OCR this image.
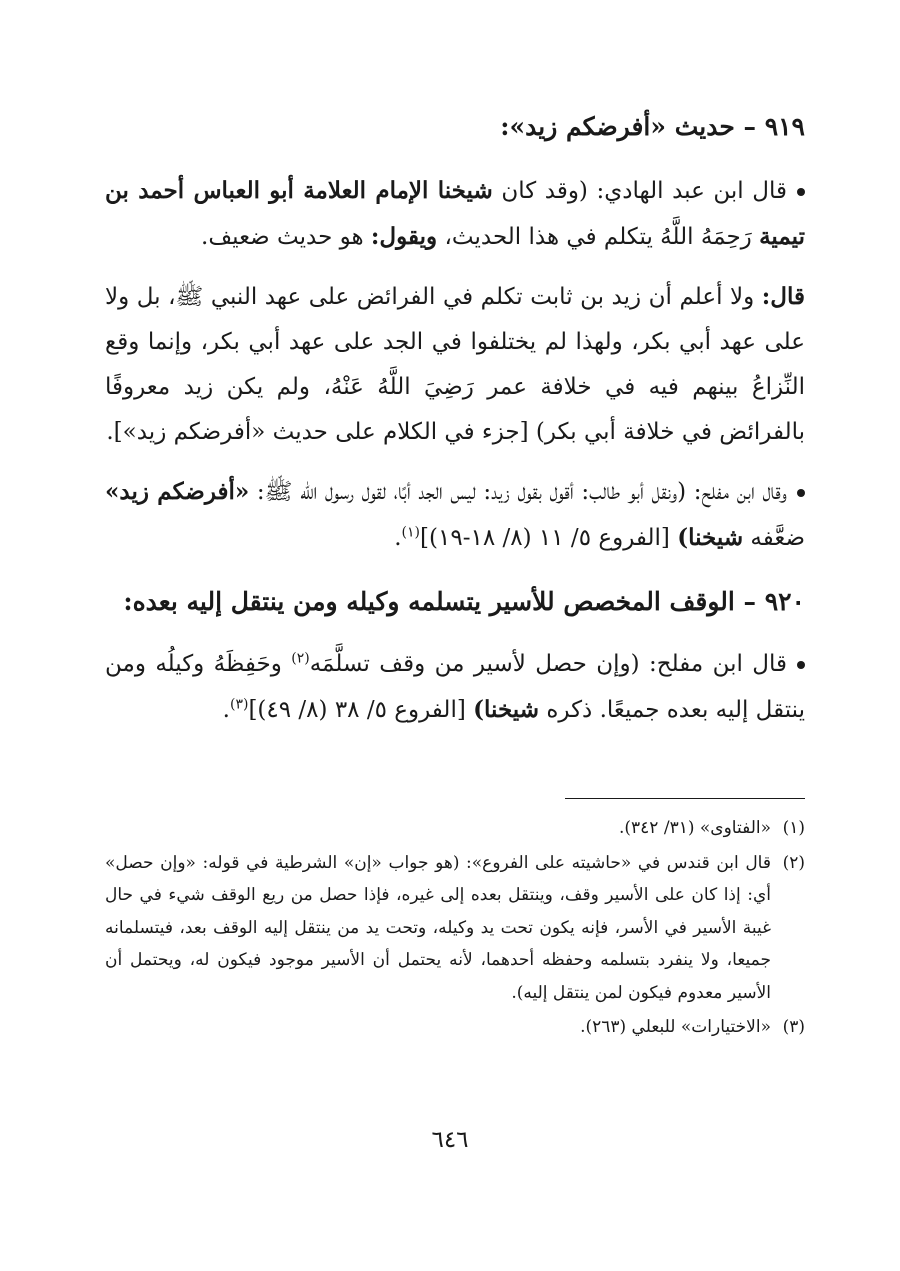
٩١٩ – حديث «أفرضكم زيد»:

قال ابن عبد الهادي: (وقد كان شيخنا الإمام العلامة أبو العباس أحمد بن تيمية رَحِمَهُ اللَّهُ يتكلم في هذا الحديث، ويقول: هو حديث ضعيف.

قال: ولا أعلم أن زيد بن ثابت تكلم في الفرائض على عهد النبي ﷺ، بل ولا على عهد أبي بكر، ولهذا لم يختلفوا في الجد على عهد أبي بكر، وإنما وقع النِّزاعُ بينهم فيه في خلافة عمر رَضِيَ اللَّهُ عَنْهُ، ولم يكن زيد معروفًا بالفرائض في خلافة أبي بكر) [جزء في الكلام على حديث «أفرضكم زيد»].

وقال ابن مفلح: (ونقل أبو طالب: أقول بقول زيد: ليس الجد أبًا، لقول رسول الله ﷺ: «أفرضكم زيد» ضعَّفه شيخنا) [الفروع ٥/ ١١ (٨/ ١٨-١٩)]$^{(١)}$.

٩٢٠ – الوقف المخصص للأسير يتسلمه وكيله ومن ينتقل إليه بعده:

قال ابن مفلح: (وإن حصل لأسير من وقف تسلَّمَه$^{(٢)}$ وحَفِظَهُ وكيلُه ومن ينتقل إليه بعده جميعًا. ذكره شيخنا) [الفروع ٥/ ٣٨ (٨/ ٤٩)]$^{(٣)}$.

(١)
«الفتاوى» (٣١/ ٣٤٢).
(٢)
قال ابن قندس في «حاشيته على الفروع»: (هو جواب «إن» الشرطية في قوله: «وإن حصل» أي: إذا كان على الأسير وقف، وينتقل بعده إلى غيره، فإذا حصل من ريع الوقف شيء في حال غيبة الأسير في الأسر، فإنه يكون تحت يد وكيله، وتحت يد من ينتقل إليه الوقف بعد، فيتسلمانه جميعا، ولا ينفرد بتسلمه وحفظه أحدهما، لأنه يحتمل أن الأسير موجود فيكون له، ويحتمل أن الأسير معدوم فيكون لمن ينتقل إليه).
(٣)
«الاختيارات» للبعلي (٢٦٣).
٦٤٦
